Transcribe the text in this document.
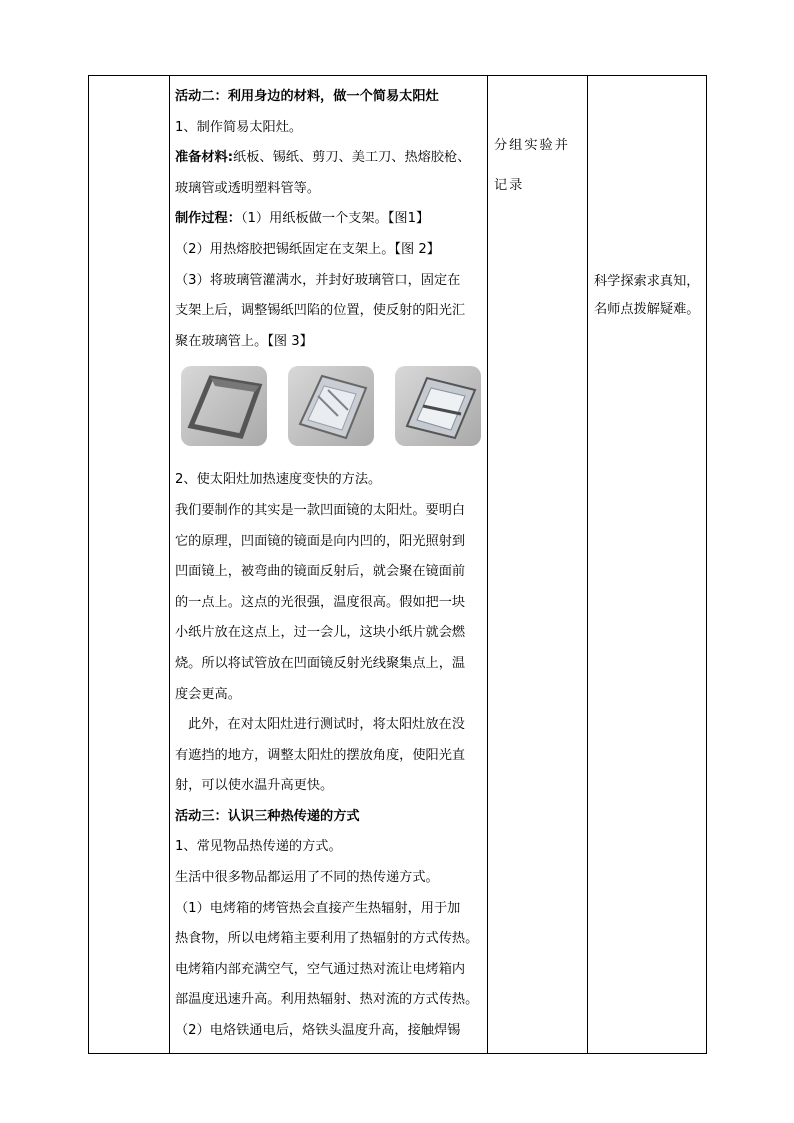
活动二：利用身边的材料，做一个简易太阳灶

1、制作简易太阳灶。

准备材料:纸板、锡纸、剪刀、美工刀、热熔胶枪、

玻璃管或透明塑料管等。

制作过程：（1）用纸板做一个支架。【图1】

（2）用热熔胶把锡纸固定在支架上。【图 2】

（3）将玻璃管灌满水，并封好玻璃管口，固定在

支架上后，调整锡纸凹陷的位置，使反射的阳光汇

聚在玻璃管上。【图 3】

2、使太阳灶加热速度变快的方法。

我们要制作的其实是一款凹面镜的太阳灶。要明白

它的原理，凹面镜的镜面是向内凹的，阳光照射到

凹面镜上，被弯曲的镜面反射后，就会聚在镜面前

的一点上。这点的光很强，温度很高。假如把一块

小纸片放在这点上，过一会儿，这块小纸片就会燃

烧。所以将试管放在凹面镜反射光线聚集点上，温

度会更高。

此外，在对太阳灶进行测试时，将太阳灶放在没

有遮挡的地方，调整太阳灶的摆放角度，使阳光直

射，可以使水温升高更快。

活动三：认识三种热传递的方式

1、常见物品热传递的方式。

生活中很多物品都运用了不同的热传递方式。

（1）电烤箱的烤管热会直接产生热辐射，用于加

热食物，所以电烤箱主要利用了热辐射的方式传热。

电烤箱内部充满空气，空气通过热对流让电烤箱内

部温度迅速升高。利用热辐射、热对流的方式传热。

（2）电烙铁通电后，烙铁头温度升高，接触焊锡

分组实验并

记录

科学探索求真知，

名师点拨解疑难。
